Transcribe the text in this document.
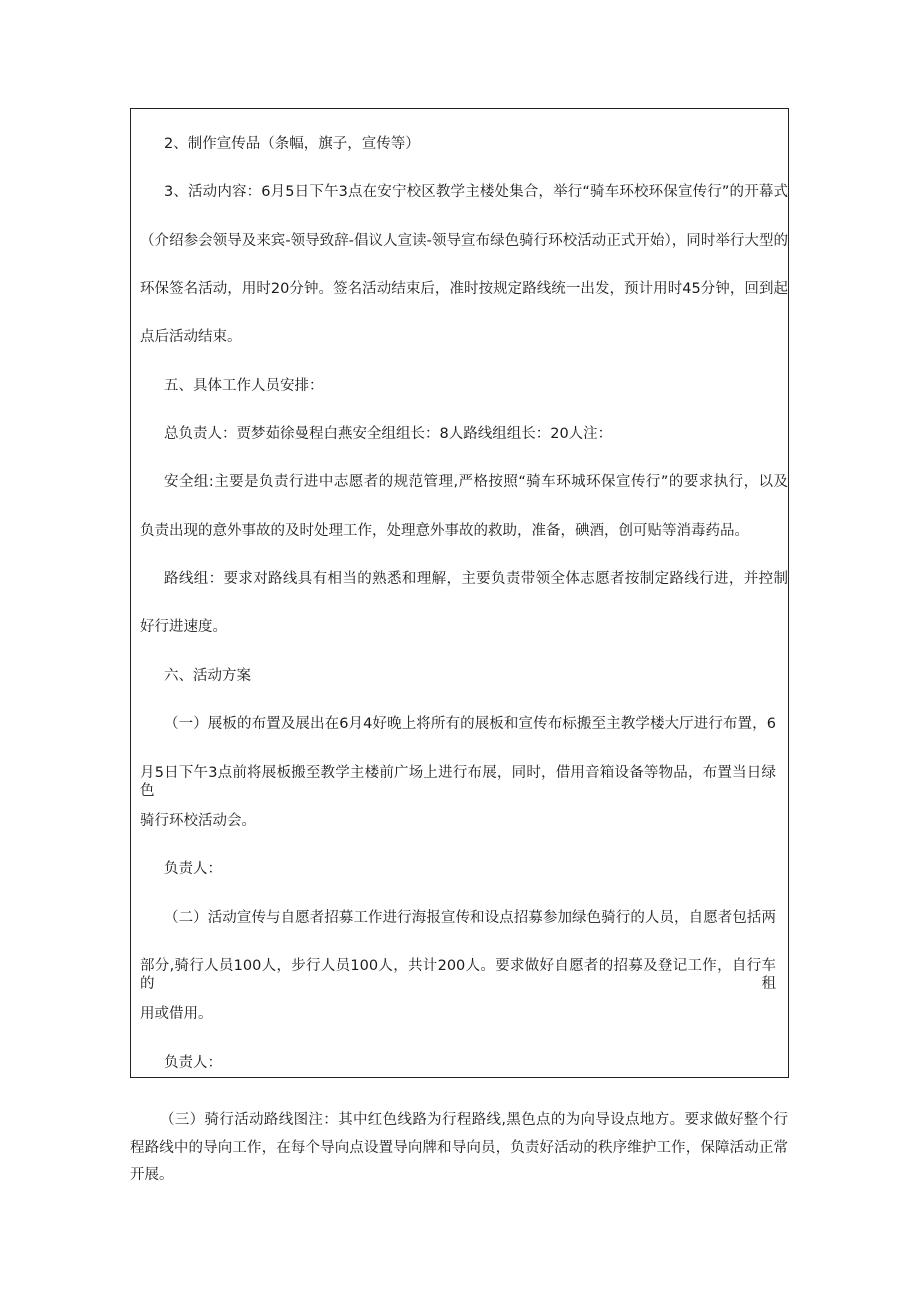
2、制作宣传品（条幅，旗子，宣传等）
3、活动内容：6月5日下午3点在安宁校区教学主楼处集合，举行“骑车环校环保宣传行”的开幕式
（介绍参会领导及来宾-领导致辞-倡议人宣读-领导宣布绿色骑行环校活动正式开始），同时举行大型的
环保签名活动，用时20分钟。签名活动结束后，准时按规定路线统一出发，预计用时45分钟，回到起
点后活动结束。
五、具体工作人员安排：
总负责人：贾梦茹徐曼程白燕安全组组长：8人路线组组长：20人注：
安全组:主要是负责行进中志愿者的规范管理,严格按照“骑车环城环保宣传行”的要求执行，以及
负责出现的意外事故的及时处理工作，处理意外事故的救助，准备，碘酒，创可贴等消毒药品。
路线组：要求对路线具有相当的熟悉和理解，主要负责带领全体志愿者按制定路线行进，并控制
好行进速度。
六、活动方案
（一）展板的布置及展出在6月4好晚上将所有的展板和宣传布标搬至主教学楼大厅进行布置，6
月5日下午3点前将展板搬至教学主楼前广场上进行布展，同时，借用音箱设备等物品，布置当日绿色
骑行环校活动会。
负责人：
（二）活动宣传与自愿者招募工作进行海报宣传和设点招募参加绿色骑行的人员，自愿者包括两
部分,骑行人员100人，步行人员100人，共计200人。要求做好自愿者的招募及登记工作，自行车的租
用或借用。
负责人：
（三）骑行活动路线图注：其中红色线路为行程路线,黑色点的为向导设点地方。要求做好整个行
程路线中的导向工作，在每个导向点设置导向牌和导向员，负责好活动的秩序维护工作，保障活动正常
开展。
